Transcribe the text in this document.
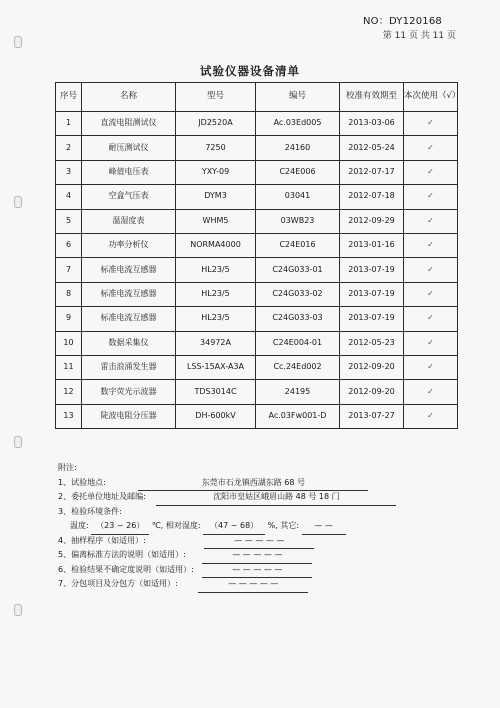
NO：DY120168
第 11 页 共 11 页
试验仪器设备清单
序号	名称	型号	编号	校准有效期至	本次使用（√）
1	直流电阻测试仪	JD2520A	Ac.03Ed005	2013-03-06	✓
2	耐压测试仪	7250	24160	2012-05-24	✓
3	峰值电压表	YXY-09	C24E006	2012-07-17	✓
4	空盒气压表	DYM3	03041	2012-07-18	✓
5	温湿度表	WHM5	03WB23	2012-09-29	✓
6	功率分析仪	NORMA4000	C24E016	2013-01-16	✓
7	标准电流互感器	HL23/5	C24G033-01	2013-07-19	✓
8	标准电流互感器	HL23/5	C24G033-02	2013-07-19	✓
9	标准电流互感器	HL23/5	C24G033-03	2013-07-19	✓
10	数据采集仪	34972A	C24E004-01	2012-05-23	✓
11	雷击浪涌发生器	LSS-15AX-A3A	Cc.24Ed002	2012-09-20	✓
12	数字荧光示波器	TDS3014C	24195	2012-09-20	✓
13	陡波电阻分压器	DH-600kV	Ac.03Fw001-D	2013-07-27	✓
附注:
1、试验地点:	东莞市石龙镇西湖东路 68 号
2、委托单位地址及邮编:	沈阳市皇姑区峨眉山路 48 号 18 门
3、检验环境条件:
温度: （23 ~ 26） ℃, 相对湿度: （47 ~ 68） %, 其它: — —
4、抽样程序（如适用）:	— — — — —
5、偏离标准方法的说明（如适用）:	— — — — —
6、检验结果不确定度说明（如适用）:	— — — — —
7、分包项目及分包方（如适用）:	— — — — —
